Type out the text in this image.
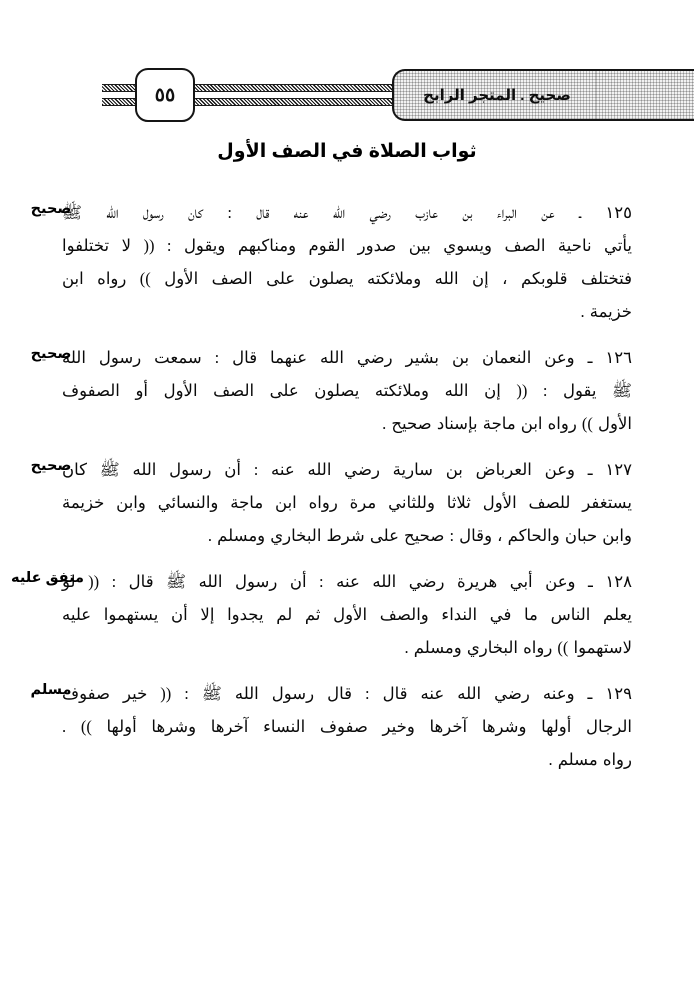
٥٥	صحيح . المتجر الرابح
ثواب الصلاة في الصف الأول
صحيح
١٢٥ ـ عن البراء بن عازب رضي الله عنه قال : كان رسول الله ﷺ
يأتي ناحية الصف ويسوي بين صدور القوم ومناكبهم ويقول : (( لا تختلفوا
فتختلف قلوبكم ، إن الله وملائكته يصلون على الصف الأول )) رواه ابن
خزيمة .
صحيح
١٢٦ ـ وعن النعمان بن بشير رضي الله عنهما قال : سمعت رسول الله
ﷺ يقول : (( إن الله وملائكته يصلون على الصف الأول أو الصفوف
الأول )) رواه ابن ماجة بإسناد صحيح .
صحيح
١٢٧ ـ وعن العرباض بن سارية رضي الله عنه : أن رسول الله ﷺ كان
يستغفر للصف الأول ثلاثا وللثاني مرة رواه ابن ماجة والنسائي وابن خزيمة
وابن حبان والحاكم ، وقال : صحيح على شرط البخاري ومسلم .
متفق عليه
١٢٨ ـ وعن أبي هريرة رضي الله عنه : أن رسول الله ﷺ قال : (( لو
يعلم الناس ما في النداء والصف الأول ثم لم يجدوا إلا أن يستهموا عليه
لاستهموا )) رواه البخاري ومسلم .
مسلم
١٢٩ ـ وعنه رضي الله عنه قال : قال رسول الله ﷺ : (( خير صفوف
الرجال أولها وشرها آخرها وخير صفوف النساء آخرها وشرها أولها )) .
رواه مسلم .
